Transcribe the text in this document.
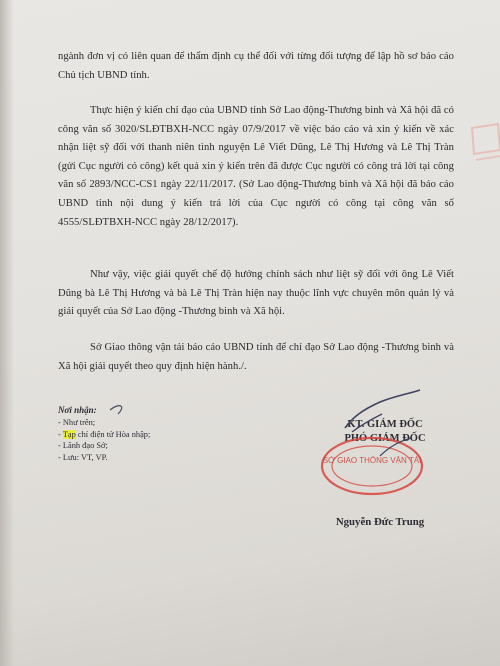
ngành đơn vị có liên quan để thẩm định cụ thể đối với từng đối tượng để lập hồ sơ báo cáo Chủ tịch UBND tỉnh.
Thực hiện ý kiến chỉ đạo của UBND tỉnh Sở Lao động-Thương binh và Xã hội đã có công văn số 3020/SLĐTBXH-NCC ngày 07/9/2017 về việc báo cáo và xin ý kiến về xác nhận liệt sỹ đối với thanh niên tình nguyện Lê Viết Dũng, Lê Thị Hương và Lê Thị Tràn (gửi Cục người có công) kết quả xin ý kiến trên đã được Cục người có công trả lời tại công văn số 2893/NCC-CS1 ngày 22/11/2017. (Sở Lao động-Thương binh và Xã hội đã báo cáo UBND tỉnh nội dung ý kiến trả lời của Cục người có công tại công văn số 4555/SLĐTBXH-NCC ngày 28/12/2017).
Như vậy, việc giải quyết chế độ hưởng chính sách như liệt sỹ đối với ông Lê Viết Dũng bà Lê Thị Hương và bà Lê Thị Tràn hiện nay thuộc lĩnh vực chuyên môn quản lý và giải quyết của Sở Lao động -Thương binh và Xã hội.
Sở Giao thông vận tải báo cáo UBND tỉnh để chỉ đạo Sở Lao động -Thương binh và Xã hội giải quyết theo quy định hiện hành./.
Nơi nhận:
- Như trên;
- Tạp chí điện tử Hòa nhập;
- Lãnh đạo Sở;
- Lưu: VT, VP.
KT. GIÁM ĐỐC
PHÓ GIÁM ĐỐC
SỞ GIAO THÔNG VẬN TẢI
Nguyễn Đức Trung
